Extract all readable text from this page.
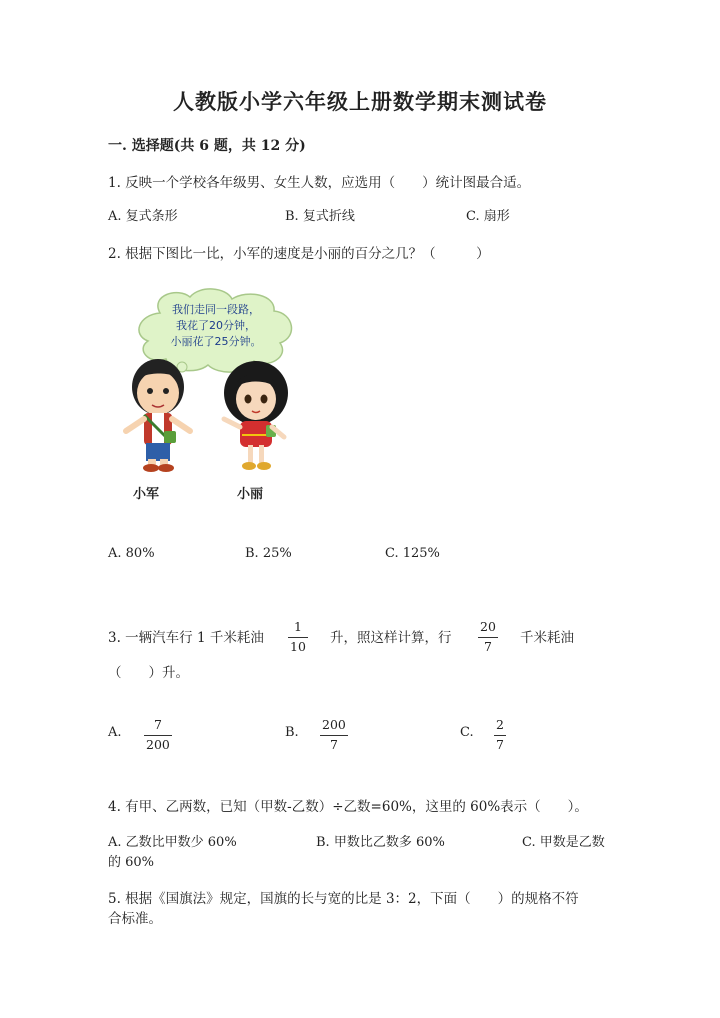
人教版小学六年级上册数学期末测试卷
一. 选择题(共 6 题，共 12 分)
1. 反映一个学校各年级男、女生人数，应选用（　　）统计图最合适。
A. 复式条形	B. 复式折线	C. 扇形
2. 根据下图比一比，小军的速度是小丽的百分之几？（　　　）
我们走同一段路，
我花了20分钟，
小丽花了25分钟。
小军	小丽
A. 80%	B. 25%	C. 125%
3. 一辆汽车行 1 千米耗油
1
10 升，照这样计算，行
20
7 千米耗油
（　　）升。
A.
7
200
B.
200
7
C.
2
7
4. 有甲、乙两数，已知（甲数-乙数）÷乙数=60%，这里的 60%表示（　　）。
A. 乙数比甲数少 60%	B. 甲数比乙数多 60%	C. 甲数是乙数
的 60%
5. 根据《国旗法》规定，国旗的长与宽的比是 3：2，下面（　　）的规格不符
合标准。
